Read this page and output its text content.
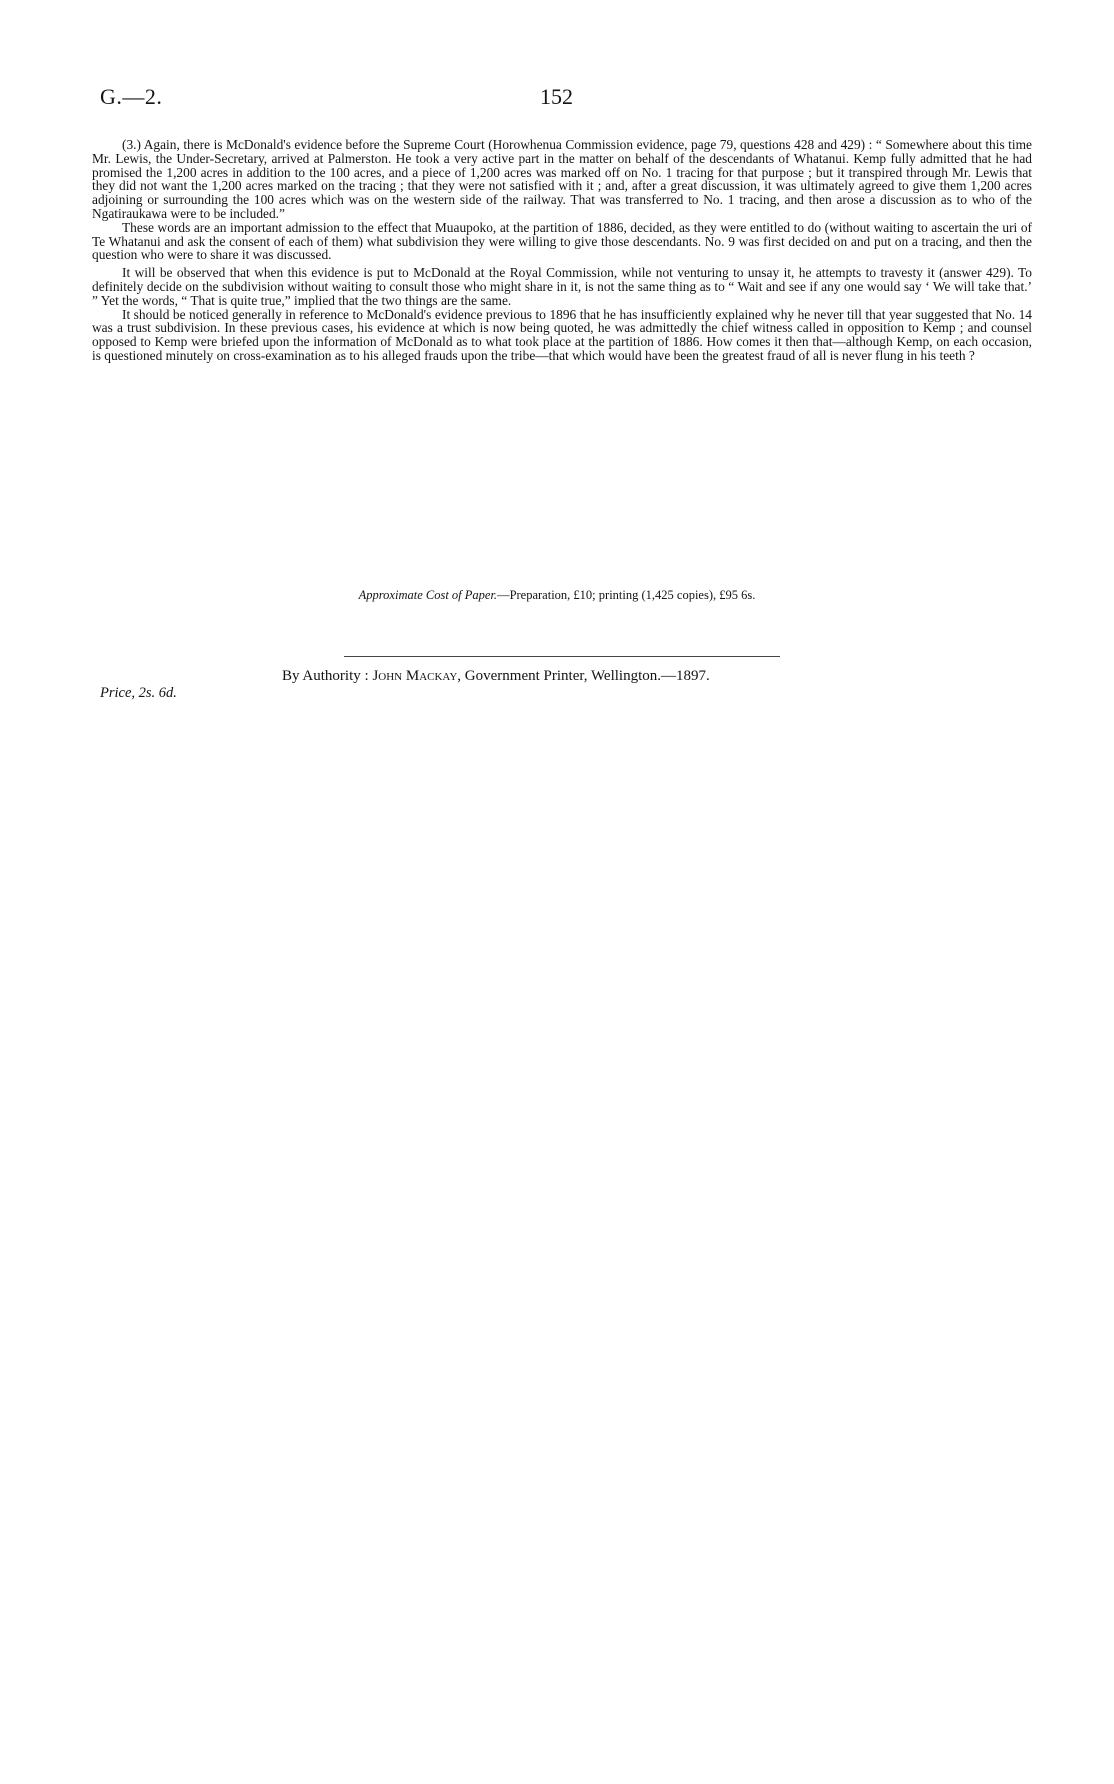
G.—2.	152

(3.) Again, there is McDonald's evidence before the Supreme Court (Horowhenua Commission evidence, page 79, questions 428 and 429) : “ Somewhere about this time Mr. Lewis, the Under-Secretary, arrived at Palmerston. He took a very active part in the matter on behalf of the descendants of Whatanui. Kemp fully admitted that he had promised the 1,200 acres in addition to the 100 acres, and a piece of 1,200 acres was marked off on No. 1 tracing for that purpose ; but it transpired through Mr. Lewis that they did not want the 1,200 acres marked on the tracing ; that they were not satisfied with it ; and, after a great discussion, it was ultimately agreed to give them 1,200 acres adjoining or surrounding the 100 acres which was on the western side of the railway. That was transferred to No. 1 tracing, and then arose a discussion as to who of the Ngatiraukawa were to be included.”

These words are an important admission to the effect that Muaupoko, at the partition of 1886, decided, as they were entitled to do (without waiting to ascertain the uri of Te Whatanui and ask the consent of each of them) what subdivision they were willing to give those descendants. No. 9 was first decided on and put on a tracing, and then the question who were to share it was discussed.

It will be observed that when this evidence is put to McDonald at the Royal Commission, while not venturing to unsay it, he attempts to travesty it (answer 429). To definitely decide on the subdivision without waiting to consult those who might share in it, is not the same thing as to “ Wait and see if any one would say ‘ We will take that.’ ” Yet the words, “ That is quite true,” implied that the two things are the same.

It should be noticed generally in reference to McDonald's evidence previous to 1896 that he has insufficiently explained why he never till that year suggested that No. 14 was a trust subdivision. In these previous cases, his evidence at which is now being quoted, he was admittedly the chief witness called in opposition to Kemp ; and counsel opposed to Kemp were briefed upon the information of McDonald as to what took place at the partition of 1886. How comes it then that—although Kemp, on each occasion, is questioned minutely on cross-examination as to his alleged frauds upon the tribe—that which would have been the greatest fraud of all is never flung in his teeth ?

Approximate Cost of Paper.—Preparation, £10; printing (1,425 copies), £95 6s.
By Authority : John Mackay, Government Printer, Wellington.—1897.
Price, 2s. 6d.
